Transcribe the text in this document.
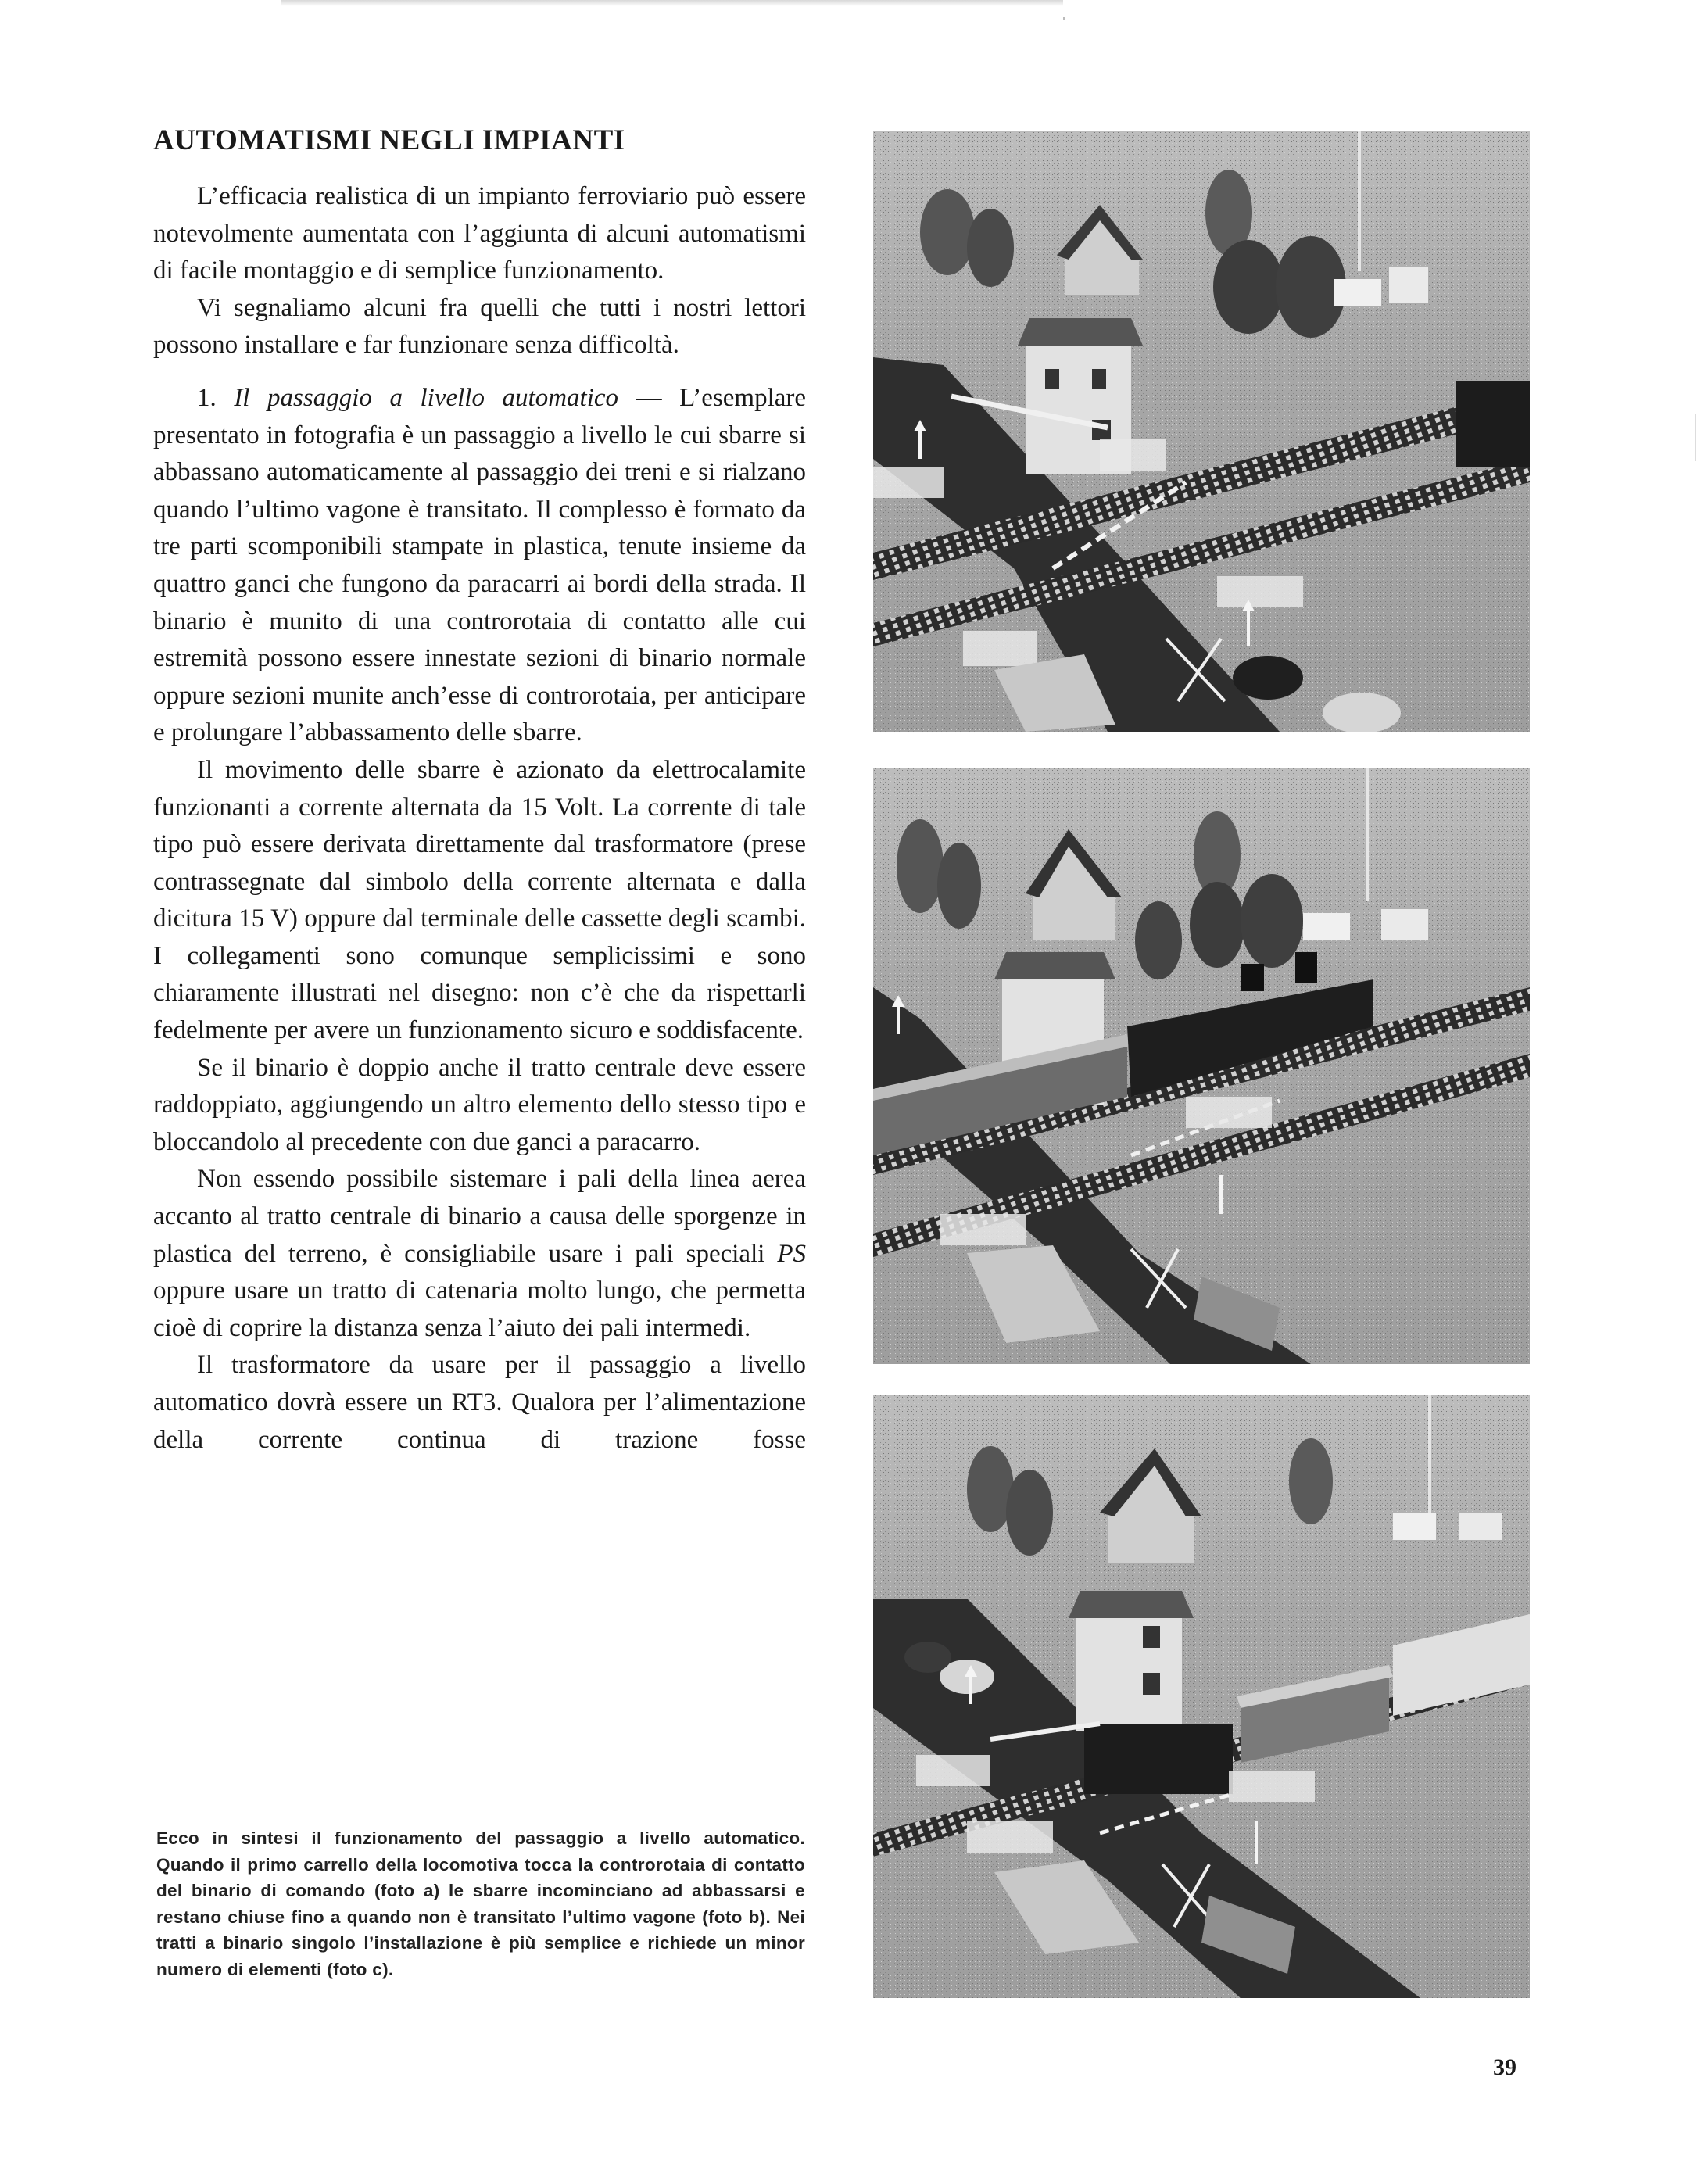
AUTOMATISMI NEGLI IMPIANTI

L’efficacia realistica di un impianto ferroviario può essere notevolmente aumentata con l’aggiunta di alcuni automatismi di facile montaggio e di semplice funzionamento.

Vi segnaliamo alcuni fra quelli che tutti i nostri lettori possono installare e far funzionare senza difficoltà.

1. Il passaggio a livello automatico — L’esemplare presentato in fotografia è un passaggio a livello le cui sbarre si abbassano automaticamente al passaggio dei treni e si rialzano quando l’ultimo vagone è transitato. Il complesso è formato da tre parti scomponibili stampate in plastica, tenute insieme da quattro ganci che fungono da paracarri ai bordi della strada. Il binario è munito di una controrotaia di contatto alle cui estremità possono essere innestate sezioni di binario normale oppure sezioni munite anch’esse di controrotaia, per anticipare e prolungare l’abbassamento delle sbarre.

Il movimento delle sbarre è azionato da elettrocalamite funzionanti a corrente alternata da 15 Volt. La corrente di tale tipo può essere derivata direttamente dal trasformatore (prese contrassegnate dal simbolo della corrente alternata e dalla dicitura 15 V) oppure dal terminale delle cassette degli scambi. I collegamenti sono comunque semplicissimi e sono chiaramente illustrati nel disegno: non c’è che da rispettarli fedelmente per avere un funzionamento sicuro e soddisfacente.

Se il binario è doppio anche il tratto centrale deve essere raddoppiato, aggiungendo un altro elemento dello stesso tipo e bloccandolo al precedente con due ganci a paracarro.

Non essendo possibile sistemare i pali della linea aerea accanto al tratto centrale di binario a causa delle sporgenze in plastica del terreno, è consigliabile usare i pali speciali PS oppure usare un tratto di catenaria molto lungo, che permetta cioè di coprire la distanza senza l’aiuto dei pali intermedi.

Il trasformatore da usare per il passaggio a livello automatico dovrà essere un RT3. Qualora per l’alimentazione della corrente continua di trazione fosse

Ecco in sintesi il funzionamento del passaggio a livello automatico. Quando il primo carrello della locomotiva tocca la controrotaia di contatto del binario di comando (foto a) le sbarre incominciano ad abbassarsi e restano chiuse fino a quando non è transitato l’ultimo vagone (foto b). Nei tratti a binario singolo l’installazione è più semplice e richiede un minor numero di elementi (foto c).
39
